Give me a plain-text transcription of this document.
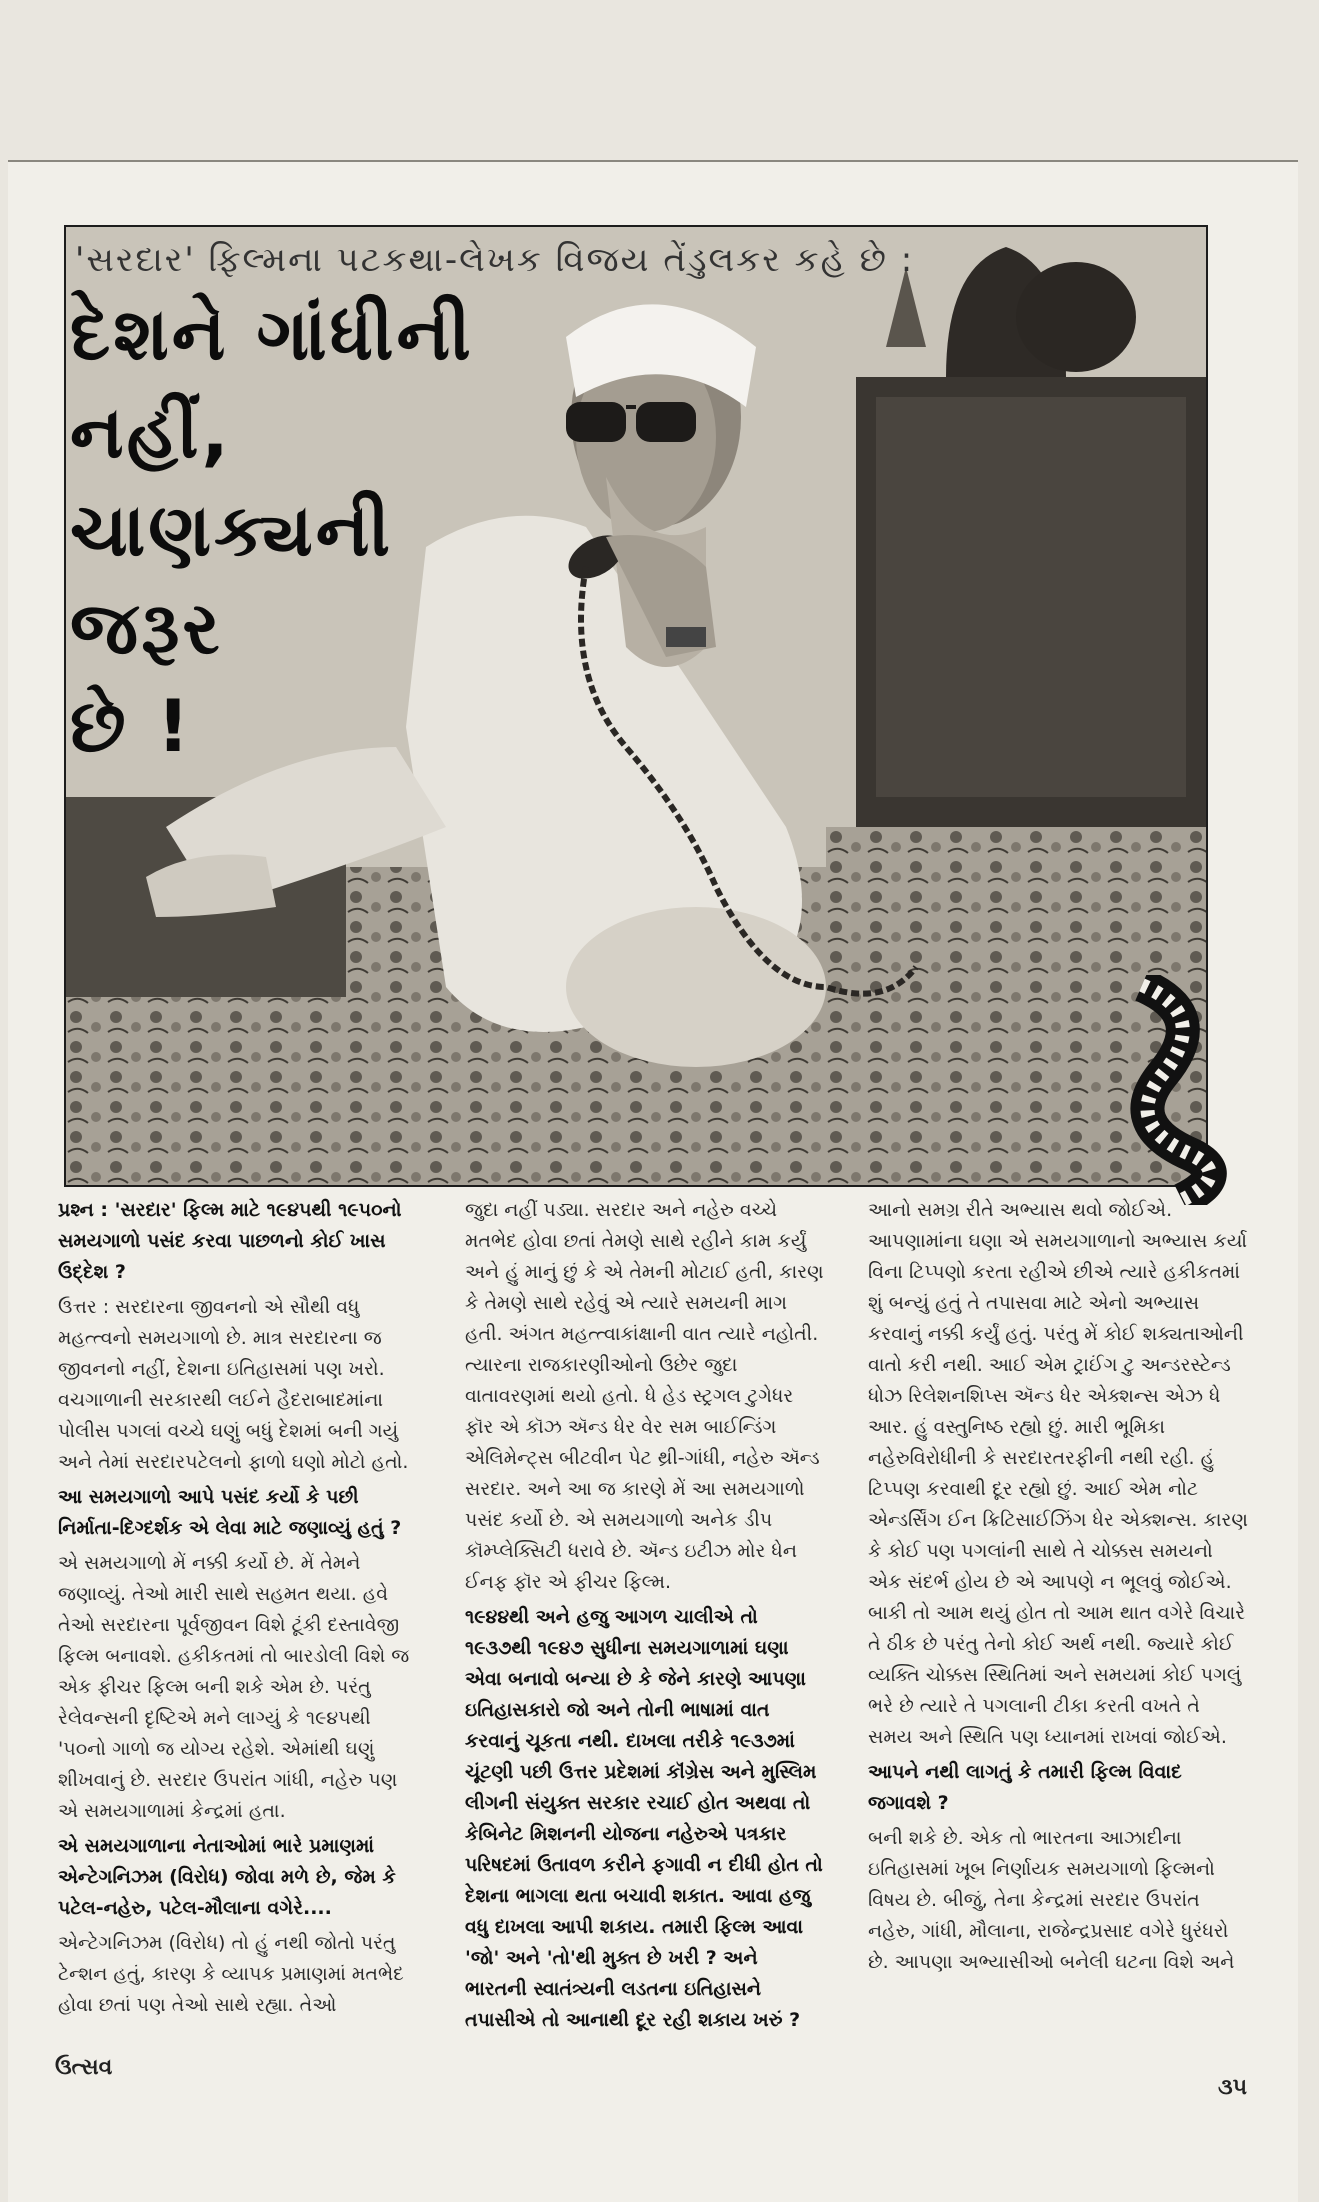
'સરદાર' ફિલ્મના પટકથા-લેખક વિજય તેંડુલકર કહે છે :
દેશને ગાંધીની
નહીં,
ચાણક્યની
જરૂર
છે !

પ્રશ્ન : 'સરદાર' ફિલ્મ માટે ૧૯૪૫થી ૧૯૫૦નો સમયગાળો પસંદ કરવા પાછળનો કોઈ ખાસ ઉદ્દેશ ?

ઉત્તર : સરદારના જીવનનો એ સૌથી વધુ મહત્ત્વનો સમયગાળો છે. માત્ર સરદારના જ જીવનનો નહીં, દેશના ઇતિહાસમાં પણ ખરો. વચગાળાની સરકારથી લઈને હૈદરાબાદમાંના પોલીસ પગલાં વચ્ચે ઘણું બધું દેશમાં બની ગયું અને તેમાં સરદારપટેલનો ફાળો ઘણો મોટો હતો.

આ સમયગાળો આપે પસંદ કર્યો કે પછી નિર્માતા-દિગ્દર્શક એ લેવા માટે જણાવ્યું હતું ?

એ સમયગાળો મેં નક્કી કર્યો છે. મેં તેમને જણાવ્યું. તેઓ મારી સાથે સહમત થયા. હવે તેઓ સરદારના પૂર્વજીવન વિશે ટૂંકી દસ્તાવેજી ફિલ્મ બનાવશે. હકીકતમાં તો બારડોલી વિશે જ એક ફીચર ફિલ્મ બની શકે એમ છે. પરંતુ રેલેવન્સની દૃષ્ટિએ મને લાગ્યું કે ૧૯૪૫થી '૫૦નો ગાળો જ યોગ્ય રહેશે. એમાંથી ઘણું શીખવાનું છે. સરદાર ઉપરાંત ગાંધી, નહેરુ પણ એ સમયગાળામાં કેન્દ્રમાં હતા.

એ સમયગાળાના નેતાઓમાં ભારે પ્રમાણમાં એન્ટેગનિઝમ (વિરોધ) જોવા મળે છે, જેમ કે પટેલ-નહેરુ, પટેલ-મૌલાના વગેરે....

એન્ટેગનિઝમ (વિરોધ) તો હું નથી જોતો પરંતુ ટેન્શન હતું, કારણ કે વ્યાપક પ્રમાણમાં મતભેદ હોવા છતાં પણ તેઓ સાથે રહ્યા. તેઓ

જુદા નહીં પડ્યા. સરદાર અને નહેરુ વચ્ચે મતભેદ હોવા છતાં તેમણે સાથે રહીને કામ કર્યું અને હું માનું છું કે એ તેમની મોટાઈ હતી, કારણ કે તેમણે સાથે રહેવું એ ત્યારે સમયની માગ હતી. અંગત મહત્ત્વાકાંક્ષાની વાત ત્યારે નહોતી. ત્યારના રાજકારણીઓનો ઉછેર જુદા વાતાવરણમાં થયો હતો. ધે હેડ સ્ટ્રગલ ટુગેધર ફૉર એ કૉઝ ઍન્ડ ધેર વેર સમ બાઈન્ડિંગ એલિમેન્ટ્સ બીટવીન પેટ થ્રી-ગાંધી, નહેરુ ઍન્ડ સરદાર. અને આ જ કારણે મેં આ સમયગાળો પસંદ કર્યો છે. એ સમયગાળો અનેક ડીપ કૉમ્પ્લેક્સિટી ધરાવે છે. ઍન્ડ ઇટીઝ મોર ધેન ઈનફ ફૉર એ ફીચર ફિલ્મ.

૧૯૪૪થી અને હજુ આગળ ચાલીએ તો ૧૯૩૭થી ૧૯૪૭ સુધીના સમયગાળામાં ઘણા એવા બનાવો બન્યા છે કે જેને કારણે આપણા ઇતિહાસકારો જો અને તોની ભાષામાં વાત કરવાનું ચૂકતા નથી. દાખલા તરીકે ૧૯૩૭માં ચૂંટણી પછી ઉત્તર પ્રદેશમાં કૉંગ્રેસ અને મુસ્લિમ લીગની સંયુક્ત સરકાર રચાઈ હોત અથવા તો કેબિનેટ મિશનની યોજના નહેરુએ પત્રકાર પરિષદમાં ઉતાવળ કરીને ફગાવી ન દીધી હોત તો દેશના ભાગલા થતા બચાવી શકાત. આવા હજુ વધુ દાખલા આપી શકાય. તમારી ફિલ્મ આવા 'જો' અને 'તો'થી મુક્ત છે ખરી ? અને ભારતની સ્વાતંત્ર્યની લડતના ઇતિહાસને તપાસીએ તો આનાથી દૂર રહી શકાય ખરું ?

આનો સમગ્ર રીતે અભ્યાસ થવો જોઈએ. આપણામાંના ઘણા એ સમયગાળાનો અભ્યાસ કર્યા વિના ટિપ્પણો કરતા રહીએ છીએ ત્યારે હકીકતમાં શું બન્યું હતું તે તપાસવા માટે એનો અભ્યાસ કરવાનું નક્કી કર્યું હતું. પરંતુ મેં કોઈ શક્યતાઓની વાતો કરી નથી. આઈ એમ ટ્રાઈંગ ટુ અન્ડરસ્ટેન્ડ ધોઝ રિલેશનશિપ્સ ઍન્ડ ધેર એક્શન્સ એઝ ધે આર. હું વસ્તુનિષ્ઠ રહ્યો છું. મારી ભૂમિકા નહેરુવિરોધીની કે સરદારતરફીની નથી રહી. હું ટિપ્પણ કરવાથી દૂર રહ્યો છું. આઈ એમ નોટ એન્ડર્સિંગ ઈન ક્રિટિસાઈઝિંગ ધેર એક્શન્સ. કારણ કે કોઈ પણ પગલાંની સાથે તે ચોક્કસ સમયનો એક સંદર્ભ હોય છે એ આપણે ન ભૂલવું જોઈએ. બાકી તો આમ થયું હોત તો આમ થાત વગેરે વિચારે તે ઠીક છે પરંતુ તેનો કોઈ અર્થ નથી. જ્યારે કોઈ વ્યક્તિ ચોક્કસ સ્થિતિમાં અને સમયમાં કોઈ પગલું ભરે છે ત્યારે તે પગલાની ટીકા કરતી વખતે તે સમય અને સ્થિતિ પણ ધ્યાનમાં રાખવાં જોઈએ.

આપને નથી લાગતું કે તમારી ફિલ્મ વિવાદ જગાવશે ?

બની શકે છે. એક તો ભારતના આઝાદીના ઇતિહાસમાં ખૂબ નિર્ણાયક સમયગાળો ફિલ્મનો વિષય છે. બીજું, તેના કેન્દ્રમાં સરદાર ઉપરાંત નહેરુ, ગાંધી, મૌલાના, રાજેન્દ્રપ્રસાદ વગેરે ધુરંધરો છે. આપણા અભ્યાસીઓ બનેલી ઘટના વિશે અને

ઉત્સવ
૩૫
